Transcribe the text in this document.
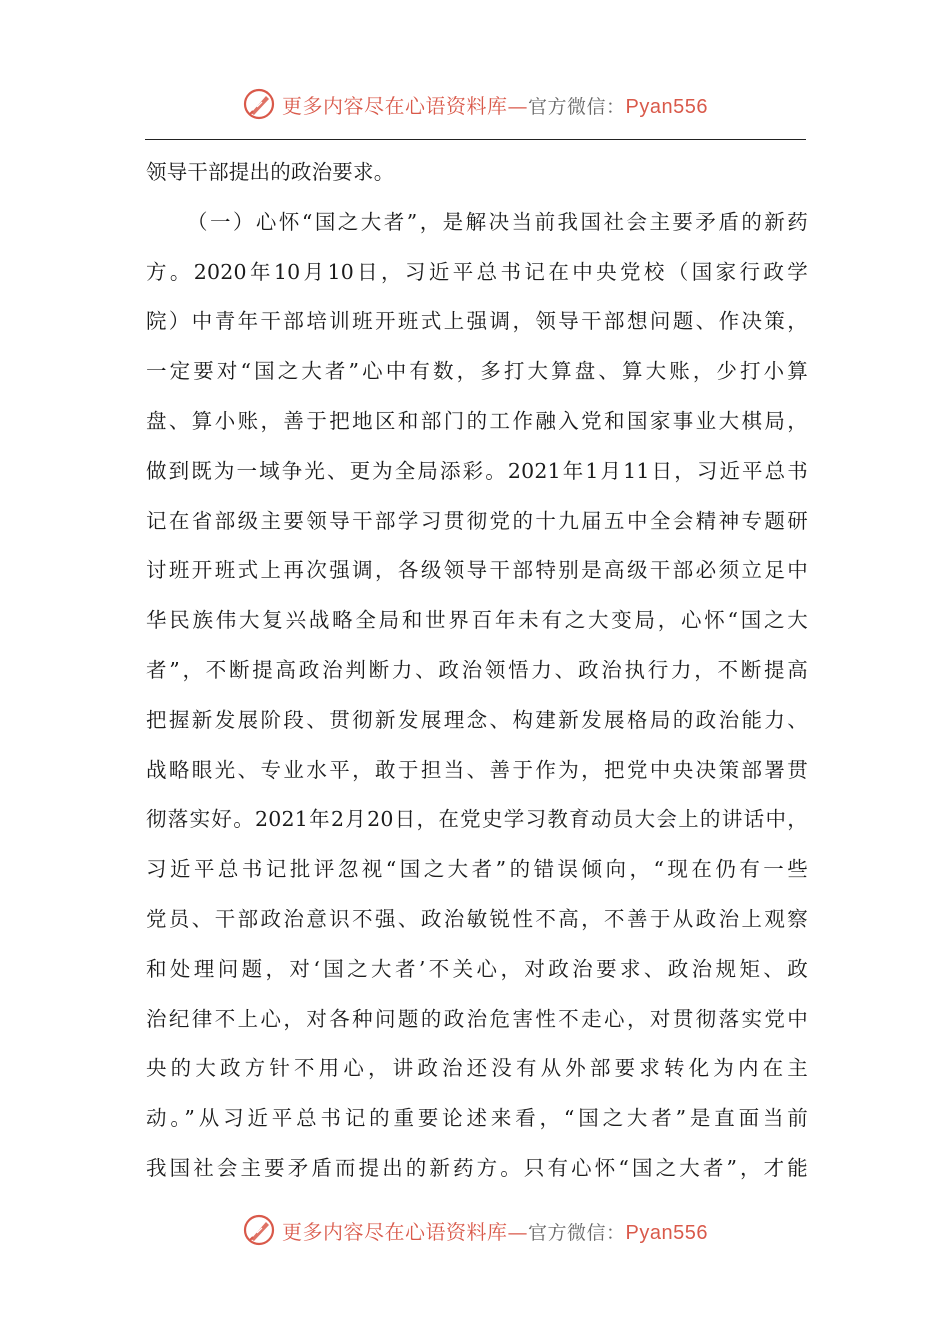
更多内容尽在心语资料库—官方微信：Pyan556
领导干部提出的政治要求。
（一）心怀“国之大者”，是解决当前我国社会主要矛盾的新药
方。2020年10月10日，习近平总书记在中央党校（国家行政学
院）中青年干部培训班开班式上强调，领导干部想问题、作决策，
一定要对“国之大者”心中有数，多打大算盘、算大账，少打小算
盘、算小账，善于把地区和部门的工作融入党和国家事业大棋局，
做到既为一域争光、更为全局添彩。2021年1月11日，习近平总书
记在省部级主要领导干部学习贯彻党的十九届五中全会精神专题研
讨班开班式上再次强调，各级领导干部特别是高级干部必须立足中
华民族伟大复兴战略全局和世界百年未有之大变局，心怀“国之大
者”，不断提高政治判断力、政治领悟力、政治执行力，不断提高
把握新发展阶段、贯彻新发展理念、构建新发展格局的政治能力、
战略眼光、专业水平，敢于担当、善于作为，把党中央决策部署贯
彻落实好。2021年2月20日，在党史学习教育动员大会上的讲话中，
习近平总书记批评忽视“国之大者”的错误倾向，“现在仍有一些
党员、干部政治意识不强、政治敏锐性不高，不善于从政治上观察
和处理问题，对‘国之大者’不关心，对政治要求、政治规矩、政
治纪律不上心，对各种问题的政治危害性不走心，对贯彻落实党中
央的大政方针不用心，讲政治还没有从外部要求转化为内在主
动。”从习近平总书记的重要论述来看，“国之大者”是直面当前
我国社会主要矛盾而提出的新药方。只有心怀“国之大者”，才能
更多内容尽在心语资料库—官方微信：Pyan556
